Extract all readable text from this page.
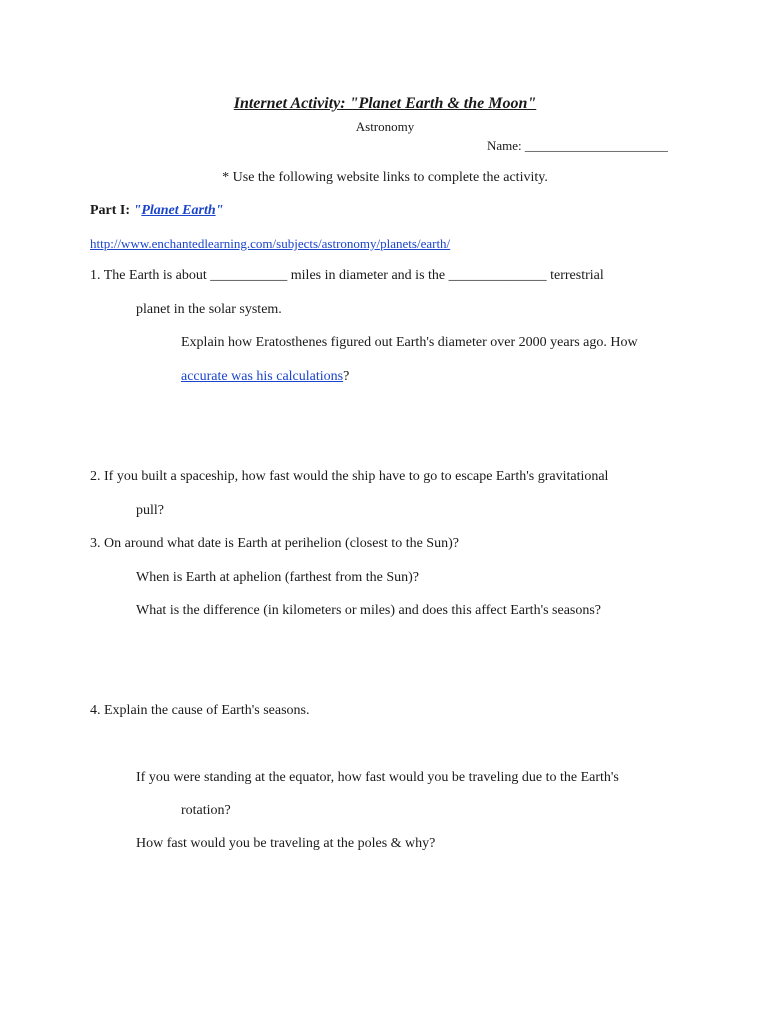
Internet Activity: "Planet Earth & the Moon"
Astronomy
Name: ______________________
* Use the following website links to complete the activity.
Part I: "Planet Earth"
http://www.enchantedlearning.com/subjects/astronomy/planets/earth/
1. The Earth is about ___________ miles in diameter and is the ______________ terrestrial
planet in the solar system.
Explain how Eratosthenes figured out Earth's diameter over 2000 years ago. How
accurate was his calculations?
2. If you built a spaceship, how fast would the ship have to go to escape Earth's gravitational
pull?
3. On around what date is Earth at perihelion (closest to the Sun)?
When is Earth at aphelion (farthest from the Sun)?
What is the difference (in kilometers or miles) and does this affect Earth's seasons?
4. Explain the cause of Earth's seasons.
If you were standing at the equator, how fast would you be traveling due to the Earth's
rotation?
How fast would you be traveling at the poles & why?
